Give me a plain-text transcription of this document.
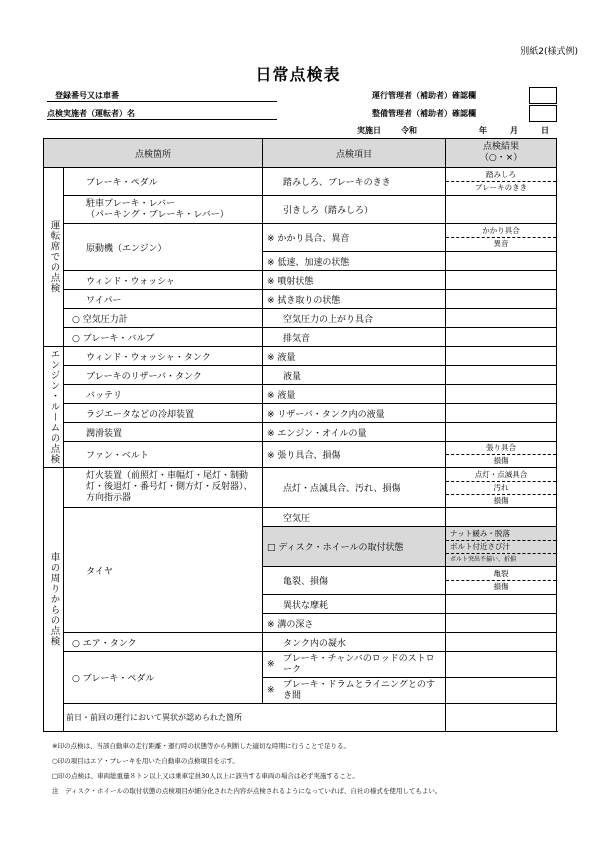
別紙2(様式例)
日常点検表
登録番号又は車番
点検実施者（運転者）名
運行管理者（補助者）確認欄
整備管理者（補助者）確認欄
実施日	令和	年	月	日
点検箇所		点検項目	点検結果
（○・×）
運転席での点検	ブレーキ・ペダル	踏みしろ、ブレーキのきき	踏みしろ
ブレーキのきき

	駐車ブレーキ・レバー
（パーキング・ブレーキ・レバー）	引きしろ（踏みしろ）	
	原動機（エンジン）	※ かかり具合、異音	かかり具合
異音

		※ 低速、加速の状態	
	ウィンド・ウォッシャ	※ 噴射状態	
	ワイパー	※ 拭き取りの状態	
	○ 空気圧力計	空気圧力の上がり具合	
	○ ブレーキ・バルブ	排気音	
エンジン・ルームの点検	ウィンド・ウォッシャ・タンク	※ 液量	
	ブレーキのリザーバ・タンク	液量	
	バッテリ	※ 液量	
	ラジエータなどの冷却装置	※ リザーバ・タンク内の液量	
	潤滑装置	※ エンジン・オイルの量	
	ファン・ベルト	※ 張り具合、損傷	張り具合
損傷

車の周りからの点検	灯火装置（前照灯・車幅灯・尾灯・制動灯・後退灯・番号灯・側方灯・反射器）、方向指示器	点灯・点滅具合、汚れ、損傷	点灯・点滅具合
汚れ
損傷

	タイヤ	空気圧	
		□ ディスク・ホイールの取付状態	ナット緩み・脱落
ボルト付近さび汁
ボルト突出不揃い、折損

		亀裂、損傷	亀裂
損傷

		異状な摩耗	
		※ 溝の深さ	
	○ エア・タンク	タンク内の凝水	
	○ ブレーキ・ペダル	※
ブレーキ・チャンバのロッドのストローク	

		※
ブレーキ・ドラムとライニングとのすき間	
	前日・前回の運行において異状が認められた箇所		
※印の点検は、当該自動車の走行距離・運行時の状態等から判断した適切な時期に行うことで足りる。
○印の項目はエア・ブレーキを用いた自動車の点検項目を示す。
□印の点検は、車両総重量８トン以上又は乗車定員30人以上に該当する車両の場合は必ず実施すること。
注　ディスク・ホイールの取付状態の点検項目が細分化された内容が点検されるようになっていれば、自社の様式を使用してもよい。
